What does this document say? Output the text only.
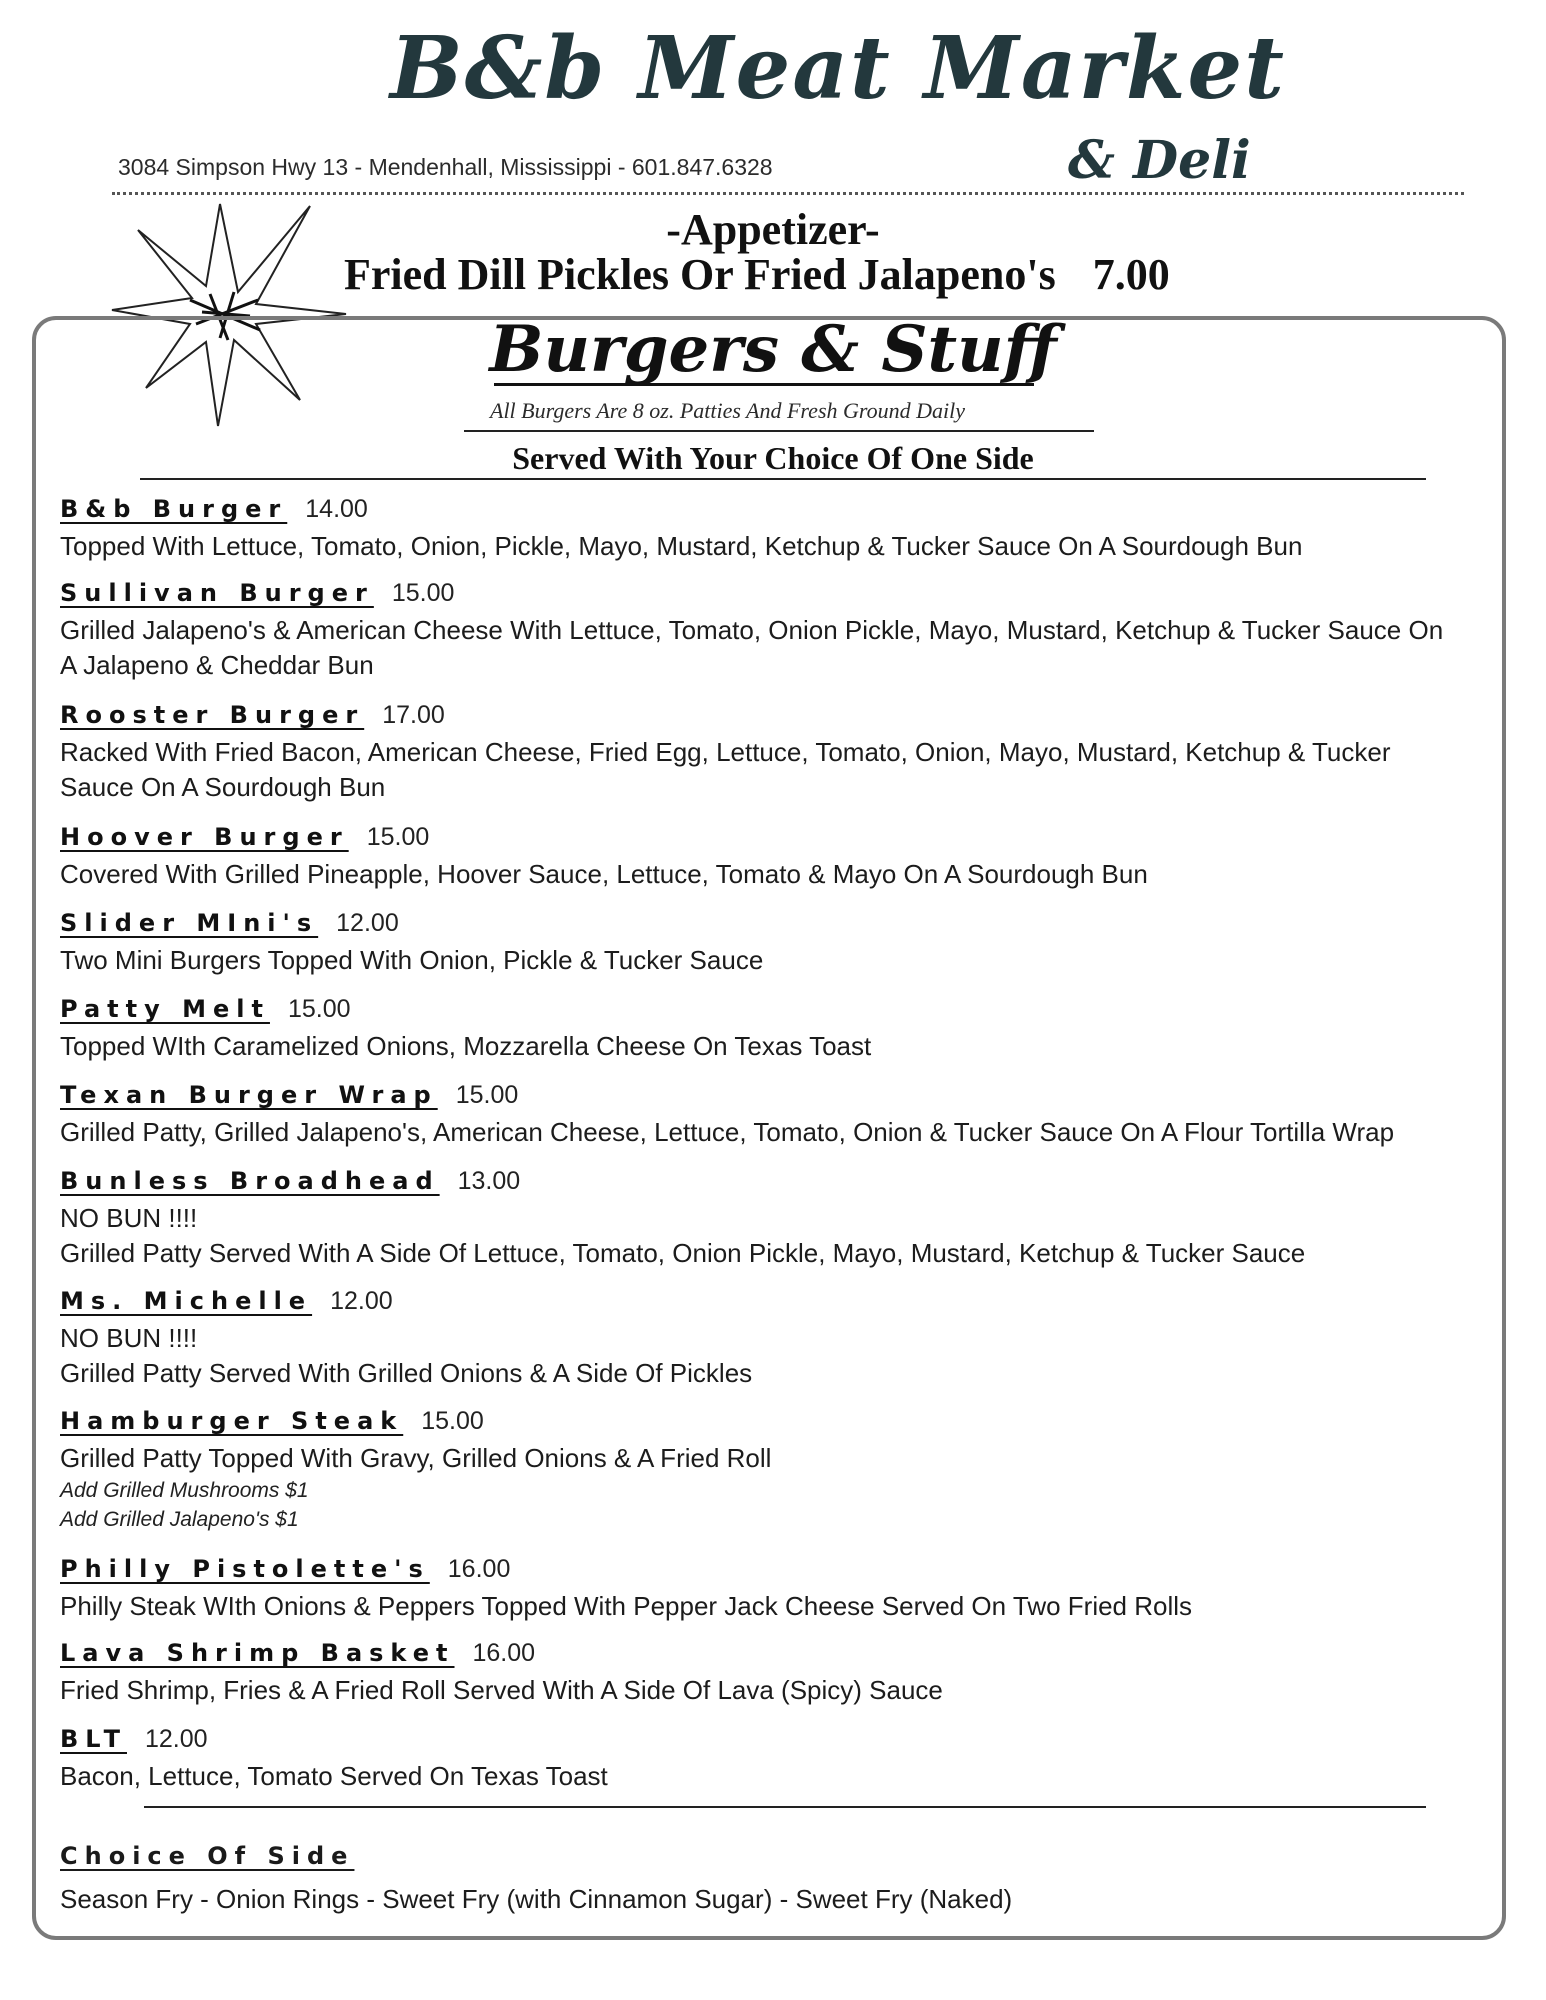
B&b Meat Market
& Deli
3084 Simpson Hwy 13 - Mendenhall, Mississippi - 601.847.6328
-Appetizer-
Fried Dill Pickles Or Fried Jalapeno's 7.00
Burgers & Stuff
All Burgers Are 8 oz. Patties And Fresh Ground Daily
Served With Your Choice Of One Side
B&b Burger 14.00
Topped With Lettuce, Tomato, Onion, Pickle, Mayo, Mustard, Ketchup & Tucker Sauce On A Sourdough Bun
Sullivan Burger 15.00
Grilled Jalapeno's & American Cheese With Lettuce, Tomato, Onion Pickle, Mayo, Mustard, Ketchup & Tucker Sauce On
A Jalapeno & Cheddar Bun
Rooster Burger 17.00
Racked With Fried Bacon, American Cheese, Fried Egg, Lettuce, Tomato, Onion, Mayo, Mustard, Ketchup & Tucker
Sauce On A Sourdough Bun
Hoover Burger 15.00
Covered With Grilled Pineapple, Hoover Sauce, Lettuce, Tomato & Mayo On A Sourdough Bun
Slider MIni's 12.00
Two Mini Burgers Topped With Onion, Pickle & Tucker Sauce
Patty Melt 15.00
Topped WIth Caramelized Onions, Mozzarella Cheese On Texas Toast
Texan Burger Wrap 15.00
Grilled Patty, Grilled Jalapeno's, American Cheese, Lettuce, Tomato, Onion & Tucker Sauce On A Flour Tortilla Wrap
Bunless Broadhead 13.00
NO BUN !!!!
Grilled Patty Served With A Side Of Lettuce, Tomato, Onion Pickle, Mayo, Mustard, Ketchup & Tucker Sauce
Ms. Michelle 12.00
NO BUN !!!!
Grilled Patty Served With Grilled Onions & A Side Of Pickles
Hamburger Steak 15.00
Grilled Patty Topped With Gravy, Grilled Onions & A Fried Roll
Add Grilled Mushrooms $1
Add Grilled Jalapeno's $1
Philly Pistolette's 16.00
Philly Steak WIth Onions & Peppers Topped With Pepper Jack Cheese Served On Two Fried Rolls
Lava Shrimp Basket 16.00
Fried Shrimp, Fries & A Fried Roll Served With A Side Of Lava (Spicy) Sauce
BLT 12.00
Bacon, Lettuce, Tomato Served On Texas Toast
Choice Of Side
Season Fry - Onion Rings - Sweet Fry (with Cinnamon Sugar) - Sweet Fry (Naked)
